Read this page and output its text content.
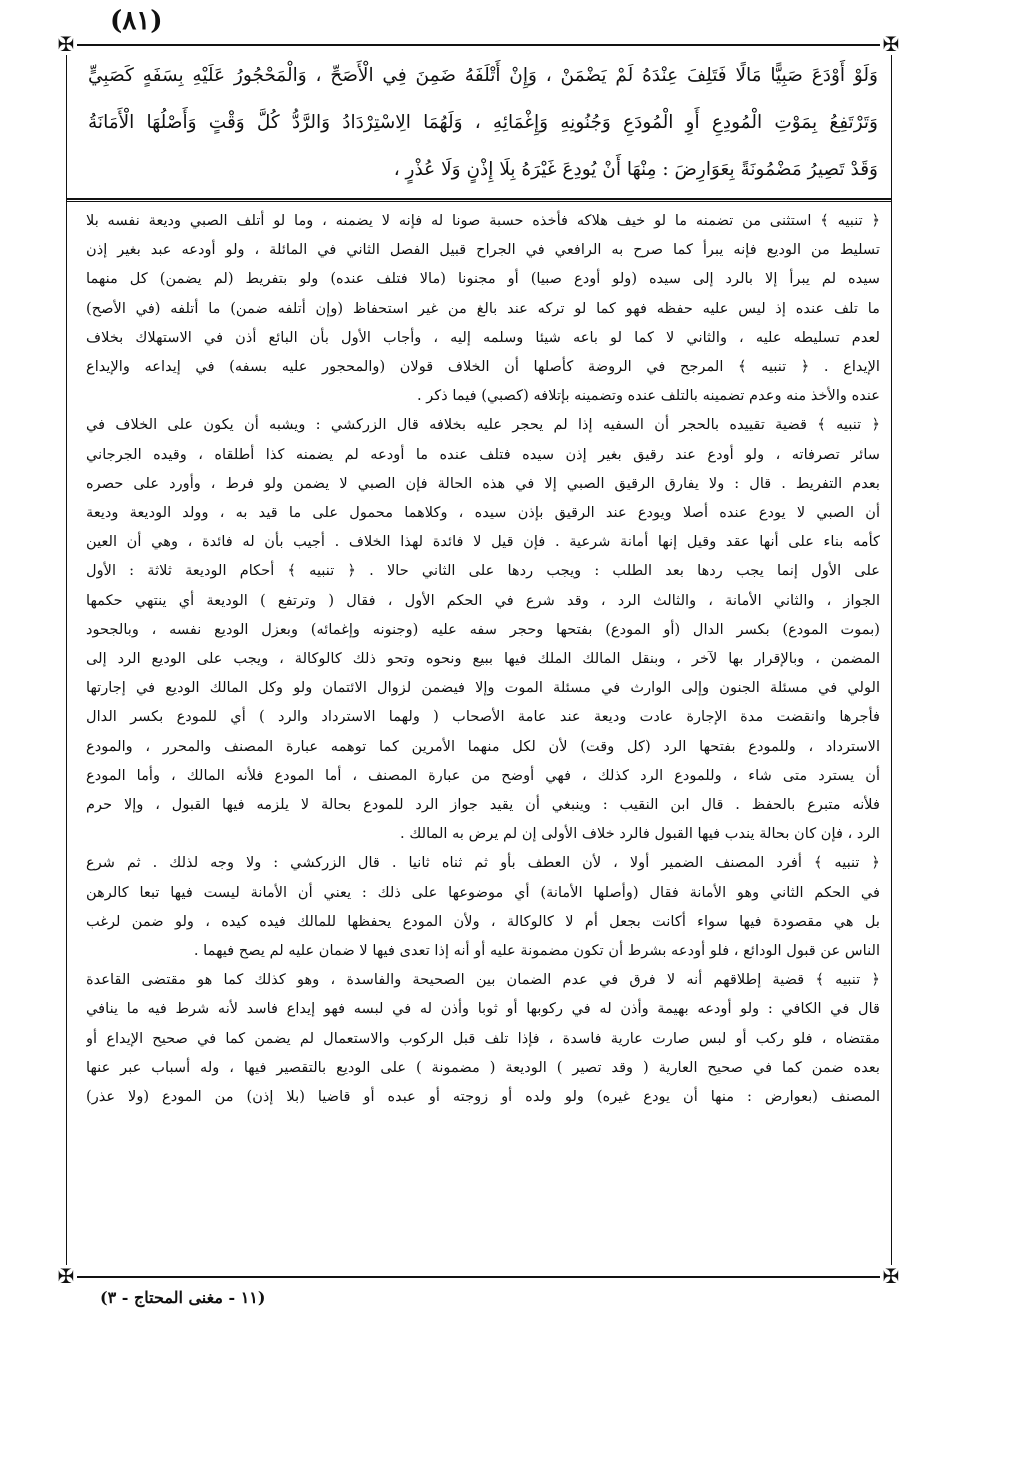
(٨١)
✠	✠
✠	✠
وَلَوْ أَوْدَعَ صَبِيًّا مَالًا فَتَلِفَ عِنْدَهُ لَمْ يَضْمَنْ ، وَإِنْ أَتْلَفَهُ ضَمِنَ فِي الْأَصَحِّ ، وَالْمَحْجُورُ عَلَيْهِ بِسَفَهٍ كَصَبِيٍّ
وَتَرْتَفِعُ بِمَوْتِ الْمُودِعِ أَوِ الْمُودَعِ وَجُنُونِهِ وَإِغْمَائِهِ ، وَلَهُمَا الِاسْتِرْدَادُ وَالرَّدُّ كُلَّ وَقْتٍ وَأَصْلُهَا الْأَمَانَةُ
وَقَدْ تَصِيرُ مَضْمُونَةً بِعَوَارِضَ : مِنْهَا أَنْ يُودِعَ غَيْرَهُ بِلَا إِذْنٍ وَلَا عُذْرٍ ،
﴿ تنبيه ﴾ استثنى من تضمنه ما لو خيف هلاكه فأخذه حسبة صونا له فإنه لا يضمنه ، وما لو أتلف الصبي وديعة نفسه بلا
تسليط من الوديع فإنه يبرأ كما صرح به الرافعي في الجراح قبيل الفصل الثاني في المائلة ، ولو أودعه عبد بغير إذن
سيده لم يبرأ إلا بالرد إلى سيده (ولو أودع صبيا) أو مجنونا (مالا فتلف عنده) ولو بتفريط (لم يضمن) كل منهما
ما تلف عنده إذ ليس عليه حفظه فهو كما لو تركه عند بالغ من غير استحفاظ (وإن أتلفه ضمن) ما أتلفه (في الأصح)
لعدم تسليطه عليه ، والثاني لا كما لو باعه شيئا وسلمه إليه ، وأجاب الأول بأن البائع أذن في الاستهلاك بخلاف
الإيداع . ﴿ تنبيه ﴾ المرجح في الروضة كأصلها أن الخلاف قولان (والمحجور عليه بسفه) في إيداعه والإيداع
عنده والأخذ منه وعدم تضمينه بالتلف عنده وتضمينه بإتلافه (كصبي) فيما ذكر .
﴿ تنبيه ﴾ قضية تقييده بالحجر أن السفيه إذا لم يحجر عليه بخلافه قال الزركشي : ويشبه أن يكون على الخلاف في
سائر تصرفاته ، ولو أودع عند رقيق بغير إذن سيده فتلف عنده ما أودعه لم يضمنه كذا أطلقاه ، وقيده الجرجاني
بعدم التفريط . قال : ولا يفارق الرقيق الصبي إلا في هذه الحالة فإن الصبي لا يضمن ولو فرط ، وأورد على حصره
أن الصبي لا يودع عنده أصلا ويودع عند الرقيق بإذن سيده ، وكلاهما محمول على ما قيد به ، وولد الوديعة وديعة
كأمه بناء على أنها عقد وقيل إنها أمانة شرعية . فإن قيل لا فائدة لهذا الخلاف . أجيب بأن له فائدة ، وهي أن العين
على الأول إنما يجب ردها بعد الطلب : ويجب ردها على الثاني حالا . ﴿ تنبيه ﴾ أحكام الوديعة ثلاثة : الأول
الجواز ، والثاني الأمانة ، والثالث الرد ، وقد شرع في الحكم الأول ، فقال ( وترتفع ) الوديعة أي ينتهي حكمها
(بموت المودع) بكسر الدال (أو المودع) بفتحها وحجر سفه عليه (وجنونه وإغمائه) وبعزل الوديع نفسه ، وبالجحود
المضمن ، وبالإقرار بها لآخر ، وبنقل المالك الملك فيها ببيع ونحوه وتحو ذلك كالوكالة ، ويجب على الوديع الرد إلى
الولي في مسئلة الجنون وإلى الوارث في مسئلة الموت وإلا فيضمن لزوال الائتمان ولو وكل المالك الوديع في إجارتها
فأجرها وانقضت مدة الإجارة عادت وديعة عند عامة الأصحاب ( ولهما الاسترداد والرد ) أي للمودع بكسر الدال
الاسترداد ، وللمودع بفتحها الرد (كل وقت) لأن لكل منهما الأمرين كما توهمه عبارة المصنف والمحرر ، والمودع
أن يسترد متى شاء ، وللمودع الرد كذلك ، فهي أوضح من عبارة المصنف ، أما المودع فلأنه المالك ، وأما المودع
فلأنه متبرع بالحفظ . قال ابن النقيب : وينبغي أن يقيد جواز الرد للمودع بحالة لا يلزمه فيها القبول ، وإلا حرم
الرد ، فإن كان بحالة يندب فيها القبول فالرد خلاف الأولى إن لم يرض به المالك .
﴿ تنبيه ﴾ أفرد المصنف الضمير أولا ، لأن العطف بأو ثم ثناه ثانيا . قال الزركشي : ولا وجه لذلك . ثم شرع
في الحكم الثاني وهو الأمانة فقال (وأصلها الأمانة) أي موضوعها على ذلك : يعني أن الأمانة ليست فيها تبعا كالرهن
بل هي مقصودة فيها سواء أكانت بجعل أم لا كالوكالة ، ولأن المودع يحفظها للمالك فيده كيده ، ولو ضمن لرغب
الناس عن قبول الودائع ، فلو أودعه بشرط أن تكون مضمونة عليه أو أنه إذا تعدى فيها لا ضمان عليه لم يصح فيهما .
﴿ تنبيه ﴾ قضية إطلاقهم أنه لا فرق في عدم الضمان بين الصحيحة والفاسدة ، وهو كذلك كما هو مقتضى القاعدة
قال في الكافي : ولو أودعه بهيمة وأذن له في ركوبها أو ثوبا وأذن له في لبسه فهو إيداع فاسد لأنه شرط فيه ما ينافي
مقتضاه ، فلو ركب أو لبس صارت عارية فاسدة ، فإذا تلف قبل الركوب والاستعمال لم يضمن كما في صحيح الإيداع أو
بعده ضمن كما في صحيح العارية ( وقد تصير ) الوديعة ( مضمونة ) على الوديع بالتقصير فيها ، وله أسباب عبر عنها
المصنف (بعوارض : منها أن يودع غيره) ولو ولده أو زوجته أو عبده أو قاضيا (بلا إذن) من المودع (ولا عذر)
(١١ - مغنى المحتاج - ٣)
